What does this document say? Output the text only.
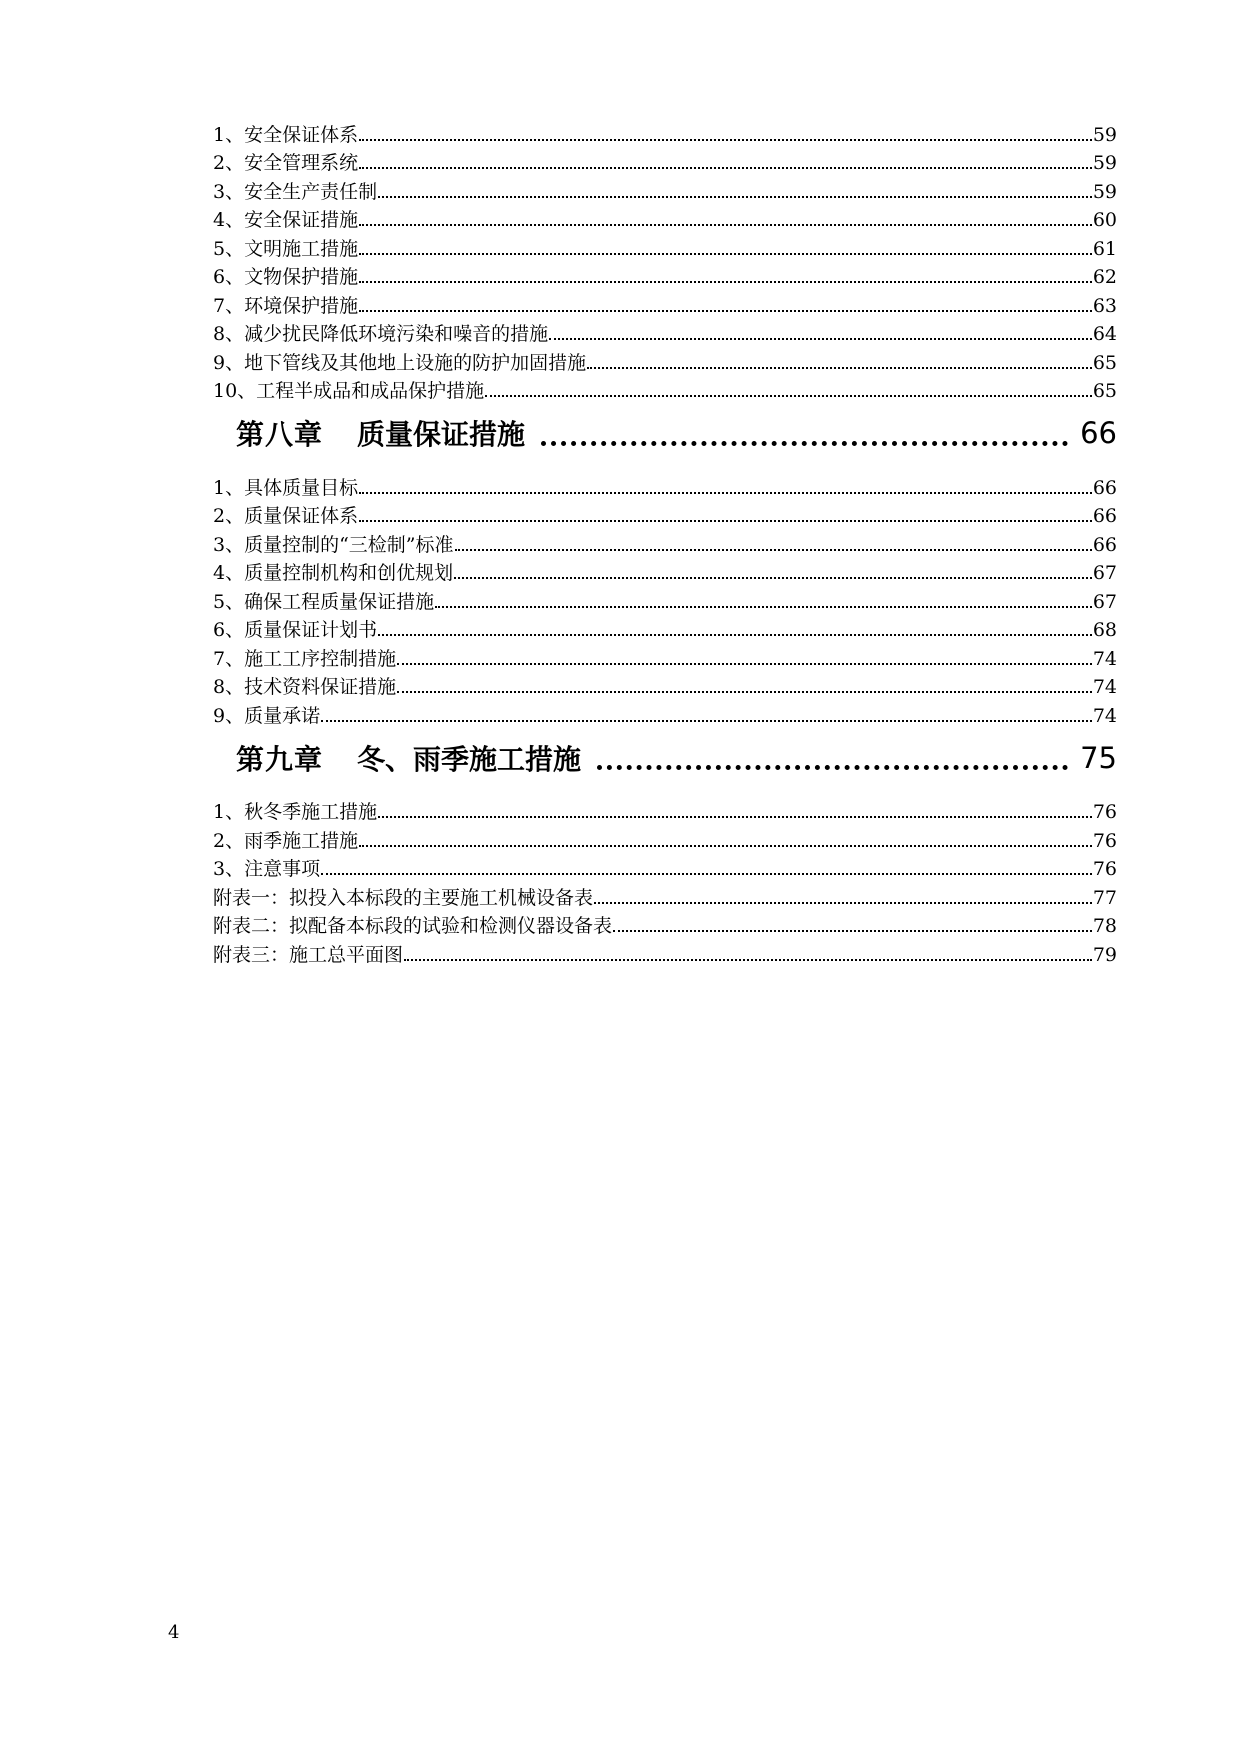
1、安全保证体系	59
2、安全管理系统	59
3、安全生产责任制	59
4、安全保证措施	60
5、文明施工措施	61
6、文物保护措施	62
7、环境保护措施	63
8、减少扰民降低环境污染和噪音的措施	64
9、地下管线及其他地上设施的防护加固措施	65
10、工程半成品和成品保护措施	65
第八章 质量保证措施	66
1、具体质量目标	66
2、质量保证体系	66
3、质量控制的“三检制”标准	66
4、质量控制机构和创优规划	67
5、确保工程质量保证措施	67
6、质量保证计划书	68
7、施工工序控制措施	74
8、技术资料保证措施	74
9、质量承诺	74
第九章 冬、雨季施工措施	75
1、秋冬季施工措施	76
2、雨季施工措施	76
3、注意事项	76
附表一：拟投入本标段的主要施工机械设备表	77
附表二：拟配备本标段的试验和检测仪器设备表	78
附表三：施工总平面图	79
4
